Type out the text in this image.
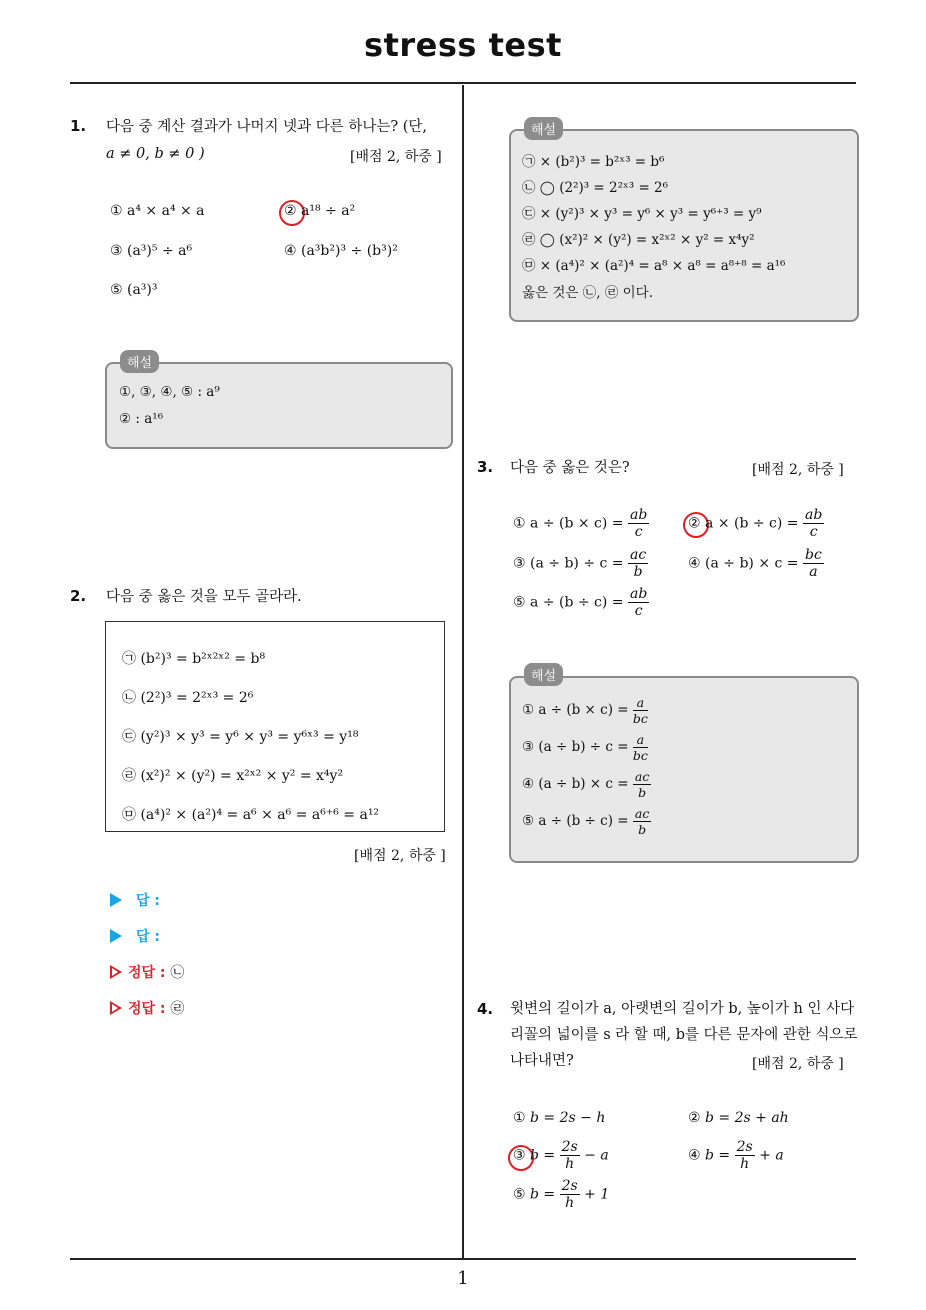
stress test
1
1. 다음 중 계산 결과가 나머지 넷과 다른 하나는? (단,
a ≠ 0, b ≠ 0 )	[배점 2, 하중 ]
① a⁴ × a⁴ × a	② a¹⁸ ÷ a²
③ (a³)⁵ ÷ a⁶	④ (a³b²)³ ÷ (b³)²
⑤ (a³)³
해설
①, ③, ④, ⑤ : a⁹
② : a¹⁶
2. 다음 중 옳은 것을 모두 골라라.
㉠ (b²)³ = b²ˣ²ˣ² = b⁸
㉡ (2²)³ = 2²ˣ³ = 2⁶
㉢ (y²)³ × y³ = y⁶ × y³ = y⁶ˣ³ = y¹⁸
㉣ (x²)² × (y²) = x²ˣ² × y² = x⁴y²
㉤ (a⁴)² × (a²)⁴ = a⁶ × a⁶ = a⁶⁺⁶ = a¹²
[배점 2, 하중 ]
답 :
답 :
정답 : ㉡
정답 : ㉣
해설
㉠ × (b²)³ = b²ˣ³ = b⁶
㉡ ◯ (2²)³ = 2²ˣ³ = 2⁶
㉢ × (y²)³ × y³ = y⁶ × y³ = y⁶⁺³ = y⁹
㉣ ◯ (x²)² × (y²) = x²ˣ² × y² = x⁴y²
㉤ × (a⁴)² × (a²)⁴ = a⁸ × a⁸ = a⁸⁺⁸ = a¹⁶
옳은 것은 ㉡, ㉣ 이다.
3. 다음 중 옳은 것은?	[배점 2, 하중 ]
① $a \div (b \times c) = \frac{ab}{c}$	② $a \times (b \div c) = \frac{ab}{c}$
③ $(a \div b) \div c = \frac{ac}{b}$	④ $(a \div b) \times c = \frac{bc}{a}$
⑤ $a \div (b \div c) = \frac{ab}{c}$
해설
① $a \div (b \times c) = \frac{a}{bc}$
③ $(a \div b) \div c = \frac{a}{bc}$
④ $(a \div b) \times c = \frac{ac}{b}$
⑤ $a \div (b \div c) = \frac{ac}{b}$
4. 윗변의 길이가 a, 아랫변의 길이가 b, 높이가 h 인 사다
리꼴의 넓이를 s 라 할 때, b를 다른 문자에 관한 식으로
나타내면?	[배점 2, 하중 ]
① b = 2s − h	② b = 2s + ah
③ $b = \frac{2s}{h} - a$	④ $b = \frac{2s}{h} + a$
⑤ $b = \frac{2s}{h} + 1$
